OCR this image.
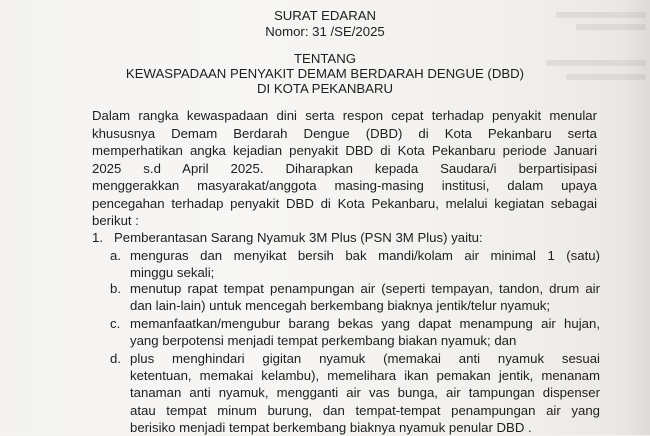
SURAT EDARAN
Nomor: 31 /SE/2025
TENTANG
KEWASPADAAN PENYAKIT DEMAM BERDARAH DENGUE (DBD)
DI KOTA PEKANBARU
Dalam rangka kewaspadaan dini serta respon cepat terhadap penyakit menular
khususnya Demam Berdarah Dengue (DBD) di Kota Pekanbaru serta
memperhatikan angka kejadian penyakit DBD di Kota Pekanbaru periode Januari
2025 s.d April 2025. Diharapkan kepada Saudara/i berpartisipasi
menggerakkan masyarakat/anggota masing-masing institusi, dalam upaya
pencegahan terhadap penyakit DBD di Kota Pekanbaru, melalui kegiatan sebagai
berikut :
1. Pemberantasan Sarang Nyamuk 3M Plus (PSN 3M Plus) yaitu:
a. menguras dan menyikat bersih bak mandi/kolam air minimal 1 (satu)
minggu sekali;
b. menutup rapat tempat penampungan air (seperti tempayan, tandon, drum air
dan lain-lain) untuk mencegah berkembang biaknya jentik/telur nyamuk;
c. memanfaatkan/mengubur barang bekas yang dapat menampung air hujan,
yang berpotensi menjadi tempat perkembang biakan nyamuk; dan
d. plus menghindari gigitan nyamuk (memakai anti nyamuk sesuai
ketentuan, memakai kelambu), memelihara ikan pemakan jentik, menanam
tanaman anti nyamuk, mengganti air vas bunga, air tampungan dispenser
atau tempat minum burung, dan tempat-tempat penampungan air yang
berisiko menjadi tempat berkembang biaknya nyamuk penular DBD .
